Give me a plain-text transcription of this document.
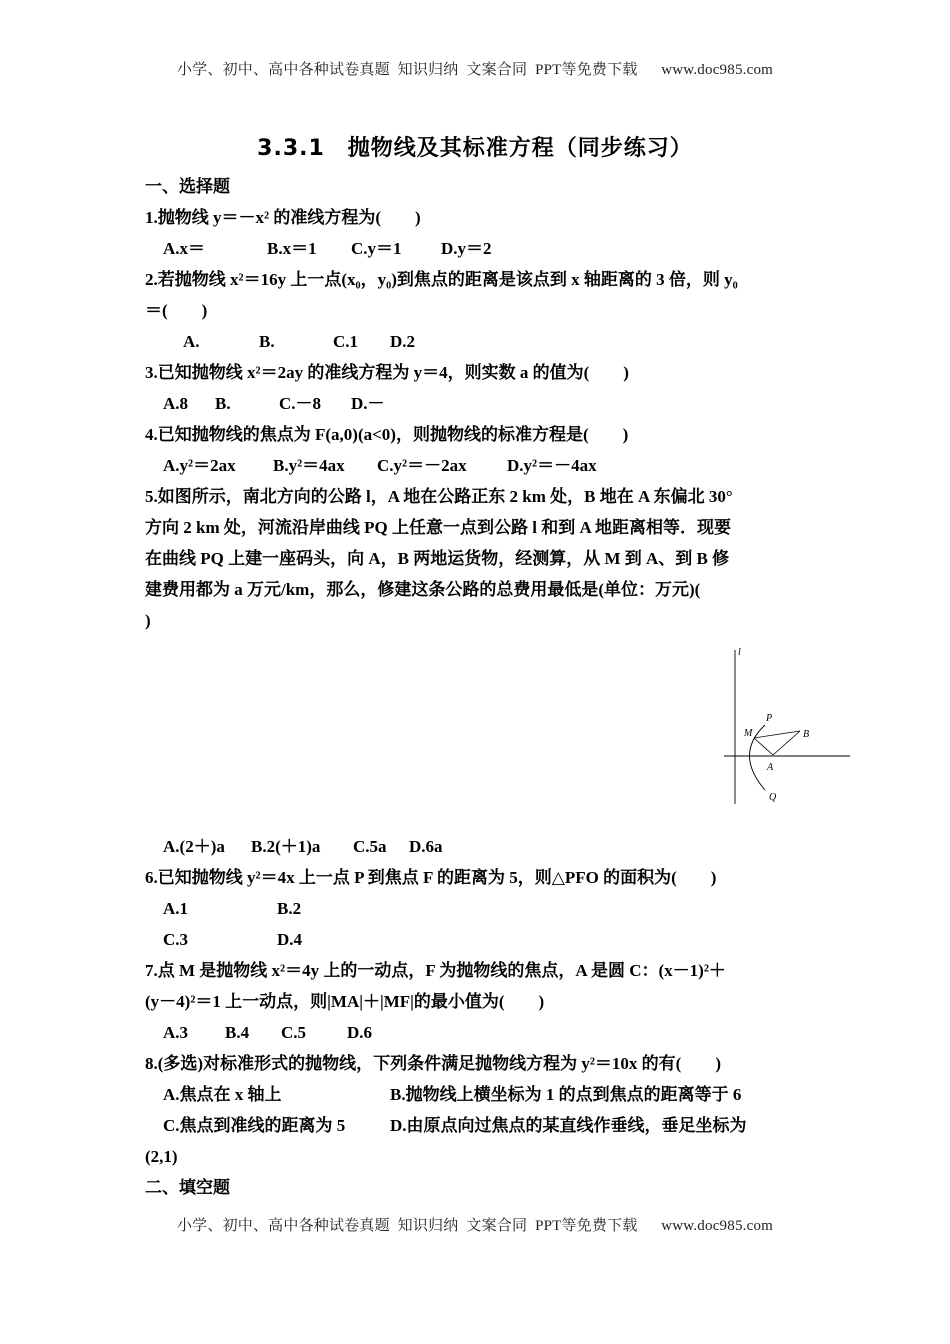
小学、初中、高中各种试卷真题  知识归纳  文案合同  PPT等免费下载      www.doc985.com
3.3.1　抛物线及其标准方程（同步练习）
一、选择题
1.抛物线 y＝－x² 的准线方程为(　　)
A.x＝	B.x＝1 C.y＝1 D.y＝2
2.若抛物线 x²＝16y 上一点(x₀，y₀)到焦点的距离是该点到 x 轴距离的 3 倍，则 y₀
＝(　　)
A.	B.	C.1 D.2
3.已知抛物线 x²＝2ay 的准线方程为 y＝4，则实数 a 的值为(　　)
A.8 B.	C.－8 D.－
4.已知抛物线的焦点为 F(a,0)(a<0)，则抛物线的标准方程是(　　)
A.y²＝2ax B.y²＝4ax C.y²＝－2ax D.y²＝－4ax
5.如图所示，南北方向的公路 l，A 地在公路正东 2 km 处，B 地在 A 东偏北 30°
方向 2 km 处，河流沿岸曲线 PQ 上任意一点到公路 l 和到 A 地距离相等．现要
在曲线 PQ 上建一座码头，向 A，B 两地运货物，经测算，从 M 到 A、到 B 修
建费用都为 a 万元/km，那么，修建这条公路的总费用最低是(单位：万元)(
)
A.(2＋)a B.2(＋1)a C.5a D.6a
6.已知抛物线 y²＝4x 上一点 P 到焦点 F 的距离为 5，则△PFO 的面积为(　　)
A.1	B.2
C.3	D.4
7.点 M 是抛物线 x²＝4y 上的一动点，F 为抛物线的焦点，A 是圆 C：(x－1)²＋
(y－4)²＝1 上一动点，则|MA|＋|MF|的最小值为(　　)
A.3 B.4 C.5 D.6
8.(多选)对标准形式的抛物线，下列条件满足抛物线方程为 y²＝10x 的有(　　)
A.焦点在 x 轴上	B.抛物线上横坐标为 1 的点到焦点的距离等于 6
C.焦点到准线的距离为 5	D.由原点向过焦点的某直线作垂线，垂足坐标为
(2,1)
二、填空题
l
P
M	B
A
Q
小学、初中、高中各种试卷真题  知识归纳  文案合同  PPT等免费下载      www.doc985.com
